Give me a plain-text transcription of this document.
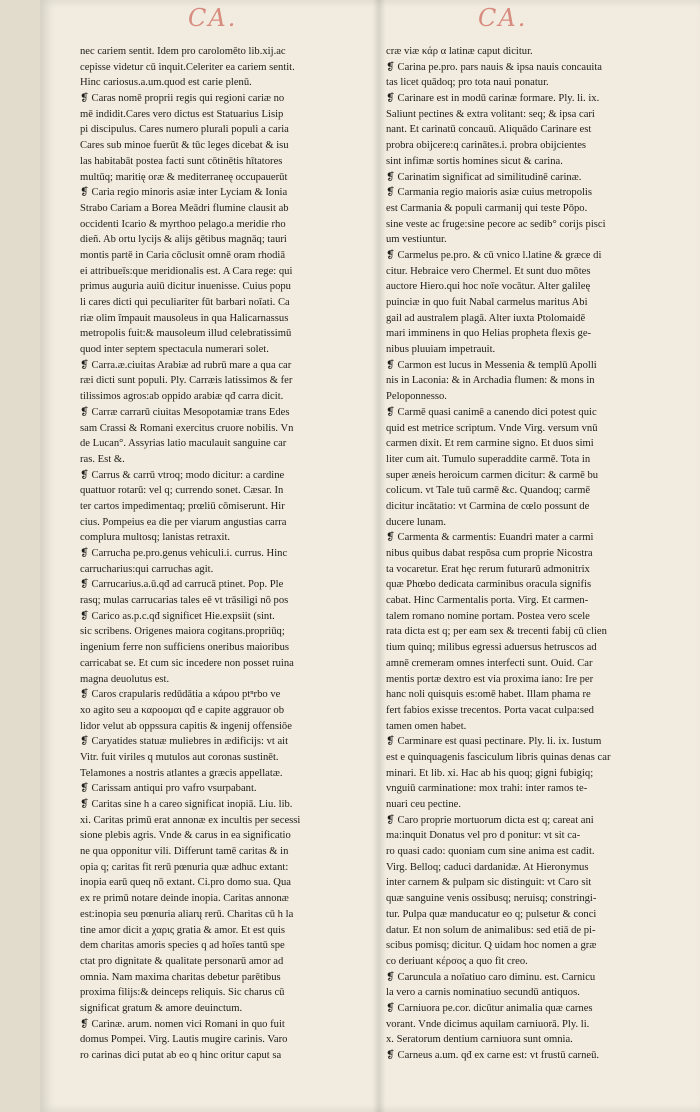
CA.	CA.
nec cariem sentit. Idem pro carolomēto lib.xij.ac
cepisse videtur cū inquit.Celeriter ea cariem sentit.
Hinc cariosus.a.um.quod est carie plenū.
❡ Caras nomē proprii regis qui regioni cariæ no
mē indidit.Cares vero dictus est Statuarius Lisip
pi discipulus. Cares numero plurali populi a caria
Cares sub minoe fuerūt & tūc leges dicebat & isu
las habitabāt postea facti sunt cōtinētis hītatores
multūq; maritię oræ & mediterraneę occupauerūt
❡ Caria regio minoris asiæ inter Lyciam & Ionia
Strabo Cariam a Borea Meādri flumine clausit ab
occidenti Icario & myrthoo pelago.a meridie rho
dieñ. Ab ortu lycijs & alijs gētibus magnāq; tauri
montis partē in Caria cōclusit omnē oram rhodiā
ei attribueīs:que meridionalis est. A Cara rege: qui
primus auguria auiū dicitur inuenisse. Cuius popu
li cares dicti qui peculiariter fūt barbari noīati. Ca
riæ olim īmpauit mausoleus in qua Halicarnassus
metropolis fuit:& mausoleum illud celebratissimū
quod inter septem spectacula numerari solet.
❡ Carra.æ.ciuitas Arabiæ ad rubrū mare a qua car
ræi dicti sunt populi. Ply. Carræis latissimos & fer
tilissimos agros:ab oppido arabiæ qđ carra dicit.
❡ Carræ carrarū ciuitas Mesopotamiæ trans Edes
sam Crassi & Romani exercitus cruore nobilis. Vn
de Lucan°. Assyrias latio maculauit sanguine car
ras. Est &.
❡ Carrus & carrū vtroq; modo dicitur: a cardine
quattuor rotarū: vel q; currendo sonet. Cæsar. In
ter cartos impedimentaq; prœliū cōmiserunt. Hir
cius. Pompeius ea die per viarum angustias carra
complura multosq; lanistas retraxit.
❡ Carrucha pe.pro.genus vehiculi.i. currus. Hinc
carrucharius:qui carruchas agit.
❡ Carrucarius.a.ū.qđ ad carrucā ptinet. Pop. Ple
rasq; mulas carrucarias tales eē vt trāsiligi nō pos
❡ Carico as.p.c.qđ significet Hie.expsiit (sint.
sic scribens. Origenes maiora cogitans.propriūq;
ingenium ferre non sufficiens oneribus maioribus
carricabat se. Et cum sic incedere non posset ruina
magna deuolutus est.
❡ Caros crapularis redūdātia a κάρου ptⁿrbo ve
xo agito seu a καροομαι qđ e capite aggrauor ob
lidor velut ab oppssura capitis & ingenij offensiōe
❡ Caryatides statuæ muliebres in ædificijs: vt ait
Vitr. fuit viriles q mutulos aut coronas sustinēt.
Telamones a nostris atlantes a græcis appellatæ.
❡ Carissam antiqui pro vafro vsurpabant.
❡ Caritas sine h a careo significat inopiā. Liu. lib.
xi. Caritas primū erat annonæ ex incultis per secessi
sione plebis agris. Vnde & carus in ea significatio
ne qua opponitur vili. Differunt tamē caritas & in
opia q; caritas fit rerū pœnuria quæ adhuc extant:
inopia earū queq nō extant. Ci.pro domo sua. Qua
ex re primū notare deinde inopia. Caritas annonæ
est:inopia seu pœnuria aliarų rerū. Charitas cū h la
tine amor dicit a χαρις gratia & amor. Et est quis
dem charitas amoris species q ad hoīes tantū spe
ctat pro dignitate & qualitate personarū amor ad
omnia. Nam maxima charitas debetur parētibus
proxima filijs:& deinceps reliquis. Sic charus cū
significat gratum & amore deuinctum.
❡ Carinæ. arum. nomen vici Romani in quo fuit
domus Pompei. Virg. Lautis mugire carinis. Varo
ro carinas dici putat ab eo q hinc oritur caput sa
cræ viæ κάρ α latinæ caput dicitur.
❡ Carina pe.pro. pars nauis & ipsa nauis concauita
tas licet quādoq; pro tota naui ponatur.
❡ Carinare est in modū carinæ formare. Ply. li. ix.
Saliunt pectines & extra volitant: seq; & ipsa cari
nant. Et carinatū concauū. Aliquādo Carinare est
probra obijcere:q carinātes.i. probra obijcientes
sint infimæ sortis homines sicut & carina.
❡ Carinatim significat ad similitudinē carinæ.
❡ Carmania regio maioris asiæ cuius metropolis
est Carmania & populi carmanij qui teste Pōpo.
sine veste ac fruge:sine pecore ac sedib° corijs pisci
um vestiuntur.
❡ Carmelus pe.pro. & cū vnico l.latine & græce di
citur. Hebraice vero Chermel. Et sunt duo mōtes
auctore Hiero.qui hoc noīe vocātur. Alter galileę
puinciæ in quo fuit Nabal carmelus maritus Abi
gail ad australem plagā. Alter iuxta Ptolomaidē
mari imminens in quo Helias propheta flexis ge-
nibus pluuiam impetrauit.
❡ Carmon est lucus in Messenia & templū Apolli
nis in Laconia: & in Archadia flumen: & mons in
Peloponnesso.
❡ Carmē quasi canimē a canendo dici potest quic
quid est metrice scriptum. Vnde Virg. versum vnū
carmen dixit. Et rem carmine signo. Et duos simi
liter cum ait. Tumulo superaddite carmē. Tota in
super æneis heroicum carmen dicitur: & carmē bu
colicum. vt Tale tuū carmē &c. Quandoq; carmē
dicitur incātatio: vt Carmina de cœlo possunt de
ducere lunam.
❡ Carmenta & carmentis: Euandri mater a carmi
nibus quibus dabat respōsa cum proprie Nicostra
ta vocaretur. Erat hęc rerum futurarū admonitrix
quæ Phœbo dedicata carminibus oracula signifis
cabat. Hinc Carmentalis porta. Virg. Et carmen-
talem romano nomine portam. Postea vero scele
rata dicta est q; per eam sex & trecenti fabij cū clien
tium quinq; milibus egressi aduersus hetruscos ad
amnē cremeram omnes interfecti sunt. Ouid. Car
mentis portæ dextro est via proxima iano: Ire per
hanc noli quisquis es:omē habet. Illam phama re
fert fabios exisse trecentos. Porta vacat culpa:sed
tamen omen habet.
❡ Carminare est quasi pectinare. Ply. li. ix. Iustum
est e quinquagenis fasciculum libris quinas denas car
minari. Et lib. xi. Hac ab his quoq; gigni fubigiq;
vnguiū carminatione: mox trahi: inter ramos te-
nuari ceu pectine.
❡ Caro proprie mortuorum dicta est q; careat ani
ma:inquit Donatus vel pro d ponitur: vt sit ca-
ro quasi cado: quoniam cum sine anima est cadit.
Virg. Belloq; caduci dardanidæ. At Hieronymus
inter carnem & pulpam sic distinguit: vt Caro sit
quæ sanguine venis ossibusq; neruisq; constringi-
tur. Pulpa quæ manducatur eo q; pulsetur & conci
datur. Et non solum de animalibus: sed etiā de pi-
scibus pomisq; dicitur. Q uidam hoc nomen a græ
co deriuant κέρσος a quo fit creo.
❡ Caruncula a noīatiuo caro diminu. est. Carnicu
la vero a carnis nominatiuo secundū antiquos.
❡ Carniuora pe.cor. dicūtur animalia quæ carnes
vorant. Vnde dicimus aquilam carniuorā. Ply. li.
x. Seratorum dentium carniuora sunt omnia.
❡ Carneus a.um. qđ ex carne est: vt frustū carneū.
